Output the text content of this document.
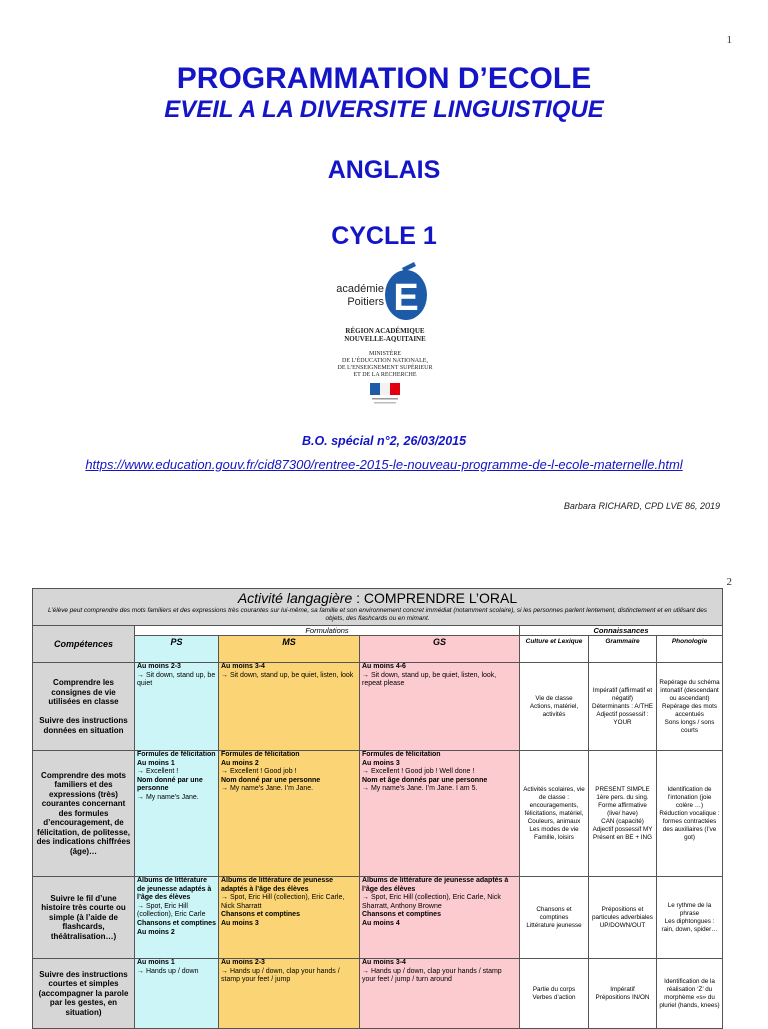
1
PROGRAMMATION D’ECOLE
EVEIL A LA DIVERSITE LINGUISTIQUE
ANGLAIS
CYCLE 1
E
académie
Poitiers
RÉGION ACADÉMIQUE
NOUVELLE-AQUITAINE
MINISTÈRE
DE L’ÉDUCATION NATIONALE,
DE L’ENSEIGNEMENT SUPÉRIEUR
ET DE LA RECHERCHE
B.O. spécial n°2, 26/03/2015
https://www.education.gouv.fr/cid87300/rentree-2015-le-nouveau-programme-de-l-ecole-maternelle.html
Barbara RICHARD, CPD LVE 86, 2019
2
Activité langagière : COMPRENDRE L’ORAL
L’élève peut comprendre des mots familiers et des expressions très courantes sur lui-même, sa famille et son environnement concret immédiat (notamment scolaire), si les personnes parlent lentement, distinctement et en utilisant des objets, des flashcards ou en mimant.						

Compétences	Formulations			Connaissances		

	PS	MS	GS	Culture et Lexique	Grammaire	Phonologie

Comprendre les consignes de vie utilisées en classe

Suivre des instructions données en situation	Au moins 2-3
→ Sit down, stand up, be quiet	Au moins 3-4
→ Sit down, stand up, be quiet, listen, look	Au moins 4-6
→ Sit down, stand up, be quiet, listen, look, repeat please	Vie de classe
Actions, matériel, activités	Impératif (affirmatif et négatif)
Déterminants : A/THE
Adjectif possessif : YOUR	Repérage du schéma intonatif (descendant ou ascendant)
Repérage des mots accentués
Sons longs / sons courts

Comprendre des mots familiers et des expressions (très) courantes concernant des formules d’encouragement, de félicitation, de politesse, des indications chiffrées (âge)…	Formules de félicitation
Au moins 1
→ Excellent !
Nom donné par une personne
→ My name’s Jane.	Formules de félicitation
Au moins 2
→ Excellent ! Good job !
Nom donné par une personne
→ My name’s Jane. I’m Jane.	Formules de félicitation
Au moins 3
→ Excellent ! Good job ! Well done !
Nom et âge donnés par une personne
→ My name’s Jane. I’m Jane. I am 5.	Activités scolaires, vie de classe : encouragements, félicitations, matériel,
Couleurs, animaux
Les modes de vie
Famille, loisirs	PRESENT SIMPLE 1ère pers. du sing. Forme affirmative (live/ have)
CAN (capacité)
Adjectif possessif MY
Présent en BE + ING	Identification de l’intonation (joie colère …)
Réduction vocalique : formes contractées des auxiliaires (I’ve got)

Suivre le fil d’une histoire très courte ou simple (à l’aide de flashcards, théâtralisation…)	Albums de littérature de jeunesse adaptés à l’âge des élèves
→ Spot, Eric Hill (collection), Eric Carle
Chansons et comptines
Au moins 2	Albums de littérature de jeunesse adaptés à l’âge des élèves
→ Spot, Eric Hill (collection), Eric Carle, Nick Sharratt
Chansons et comptines
Au moins 3	Albums de littérature de jeunesse adaptés à l’âge des élèves
→ Spot, Eric Hill (collection), Eric Carle, Nick Sharratt, Anthony Browne
Chansons et comptines
Au moins 4	Chansons et comptines
Littérature jeunesse	Prépositions et particules adverbiales UP/DOWN/OUT	Le rythme de la phrase
Les diphtongues : rain, down, spider…

Suivre des instructions courtes et simples (accompagner la parole par les gestes, en situation)	Au moins 1
→ Hands up / down	Au moins 2-3
→ Hands up / down, clap your hands / stamp your feet / jump	Au moins 3-4
→ Hands up / down, clap your hands / stamp your feet / jump / turn around	Partie du corps
Verbes d’action	Impératif
Prépositions IN/ON	Identification de la réalisation ‘Z’ du morphème «s» du pluriel (hands, knees)
